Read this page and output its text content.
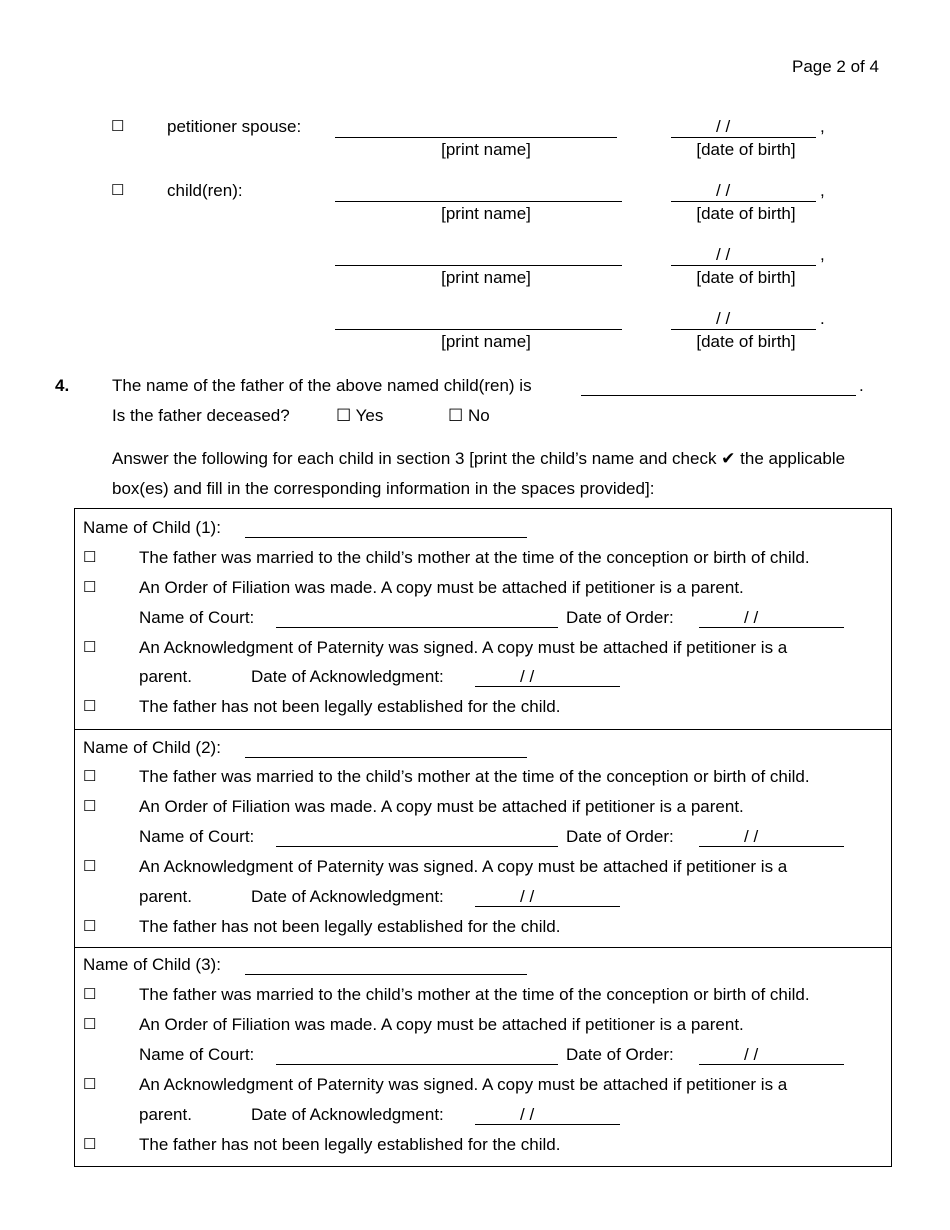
Page 2 of 4
☐	petitioner spouse:
[print name]
/ /	,
[date of birth]
☐	child(ren):
[print name]
/ /	,
[date of birth]
[print name]
/ /	,
[date of birth]
[print name]
/ /	.
[date of birth]
4.	The name of the father of the above named child(ren) is	.
Is the father deceased?	☐ Yes	☐ No
Answer the following for each child in section 3 [print the child’s name and check ✔ the applicable
box(es) and fill in the corresponding information in the spaces provided]:
Name of Child (1):
☐	The father was married to the child’s mother at the time of the conception or birth of child.
☐	An Order of Filiation was made. A copy must be attached if petitioner is a parent.
Name of Court:	Date of Order:	/ /
☐	An Acknowledgment of Paternity was signed. A copy must be attached if petitioner is a
parent.	Date of Acknowledgment:	/ /
☐	The father has not been legally established for the child.
Name of Child (2):
☐	The father was married to the child’s mother at the time of the conception or birth of child.
☐	An Order of Filiation was made. A copy must be attached if petitioner is a parent.
Name of Court:	Date of Order:	/ /
☐	An Acknowledgment of Paternity was signed. A copy must be attached if petitioner is a
parent.	Date of Acknowledgment:	/ /
☐	The father has not been legally established for the child.
Name of Child (3):
☐	The father was married to the child’s mother at the time of the conception or birth of child.
☐	An Order of Filiation was made. A copy must be attached if petitioner is a parent.
Name of Court:	Date of Order:	/ /
☐	An Acknowledgment of Paternity was signed. A copy must be attached if petitioner is a
parent.	Date of Acknowledgment:	/ /
☐	The father has not been legally established for the child.
